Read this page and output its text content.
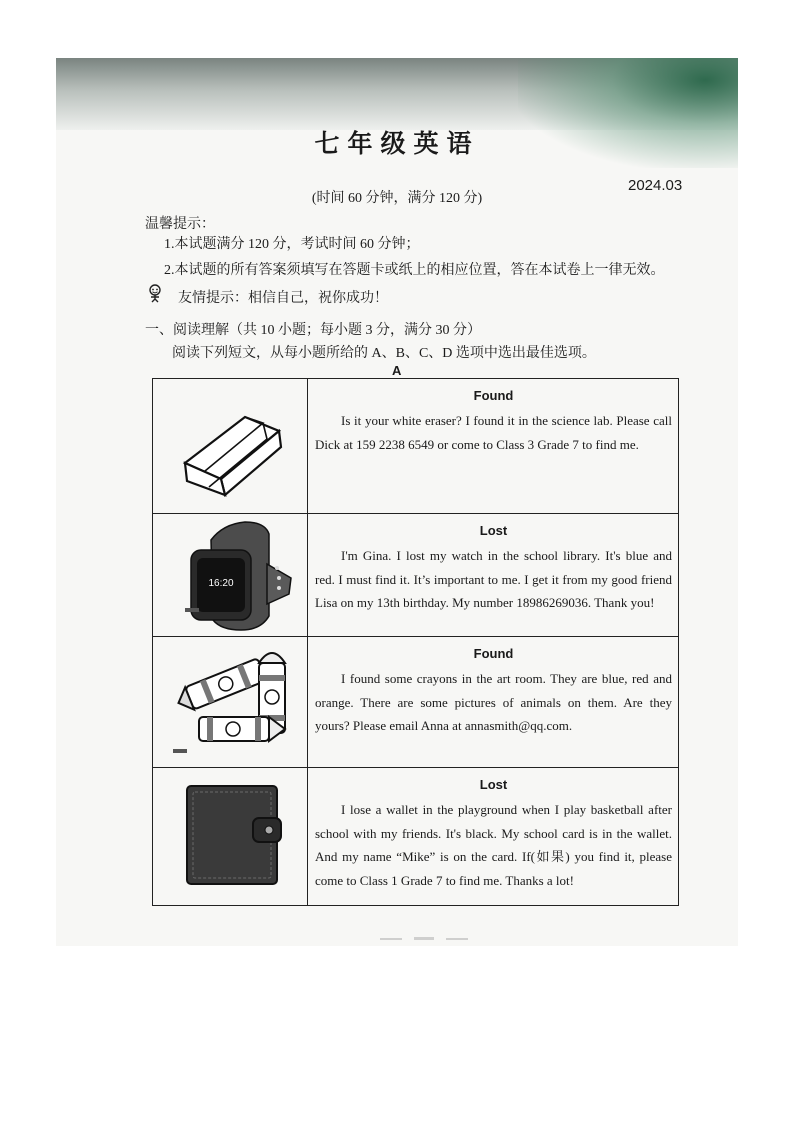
七年级英语
2024.03
(时间 60 分钟，满分 120 分)
温馨提示：
1.本试题满分 120 分，考试时间 60 分钟；
2.本试题的所有答案须填写在答题卡或纸上的相应位置，答在本试卷上一律无效。
友情提示：相信自己，祝你成功！
一、阅读理解（共 10 小题；每小题 3 分，满分 30 分）
阅读下列短文，从每小题所给的 A、B、C、D 选项中选出最佳选项。
A
Found
Is it your white eraser? I found it in the science lab. Please call Dick at 159 2238 6549 or come to Class 3 Grade 7 to find me.
16:20
Lost
I'm Gina. I lost my watch in the school library. It's blue and red. I must find it. It’s important to me. I get it from my good friend Lisa on my 13th birthday. My number 18986269036. Thank you!
Found
I found some crayons in the art room. They are blue, red and orange. There are some pictures of animals on them. Are they yours? Please email Anna at annasmith@qq.com.
Lost
I lose a wallet in the playground when I play basketball after school with my friends. It's black. My school card is in the wallet. And my name “Mike” is on the card. If(如果) you find it, please come to Class 1 Grade 7 to find me. Thanks a lot!
